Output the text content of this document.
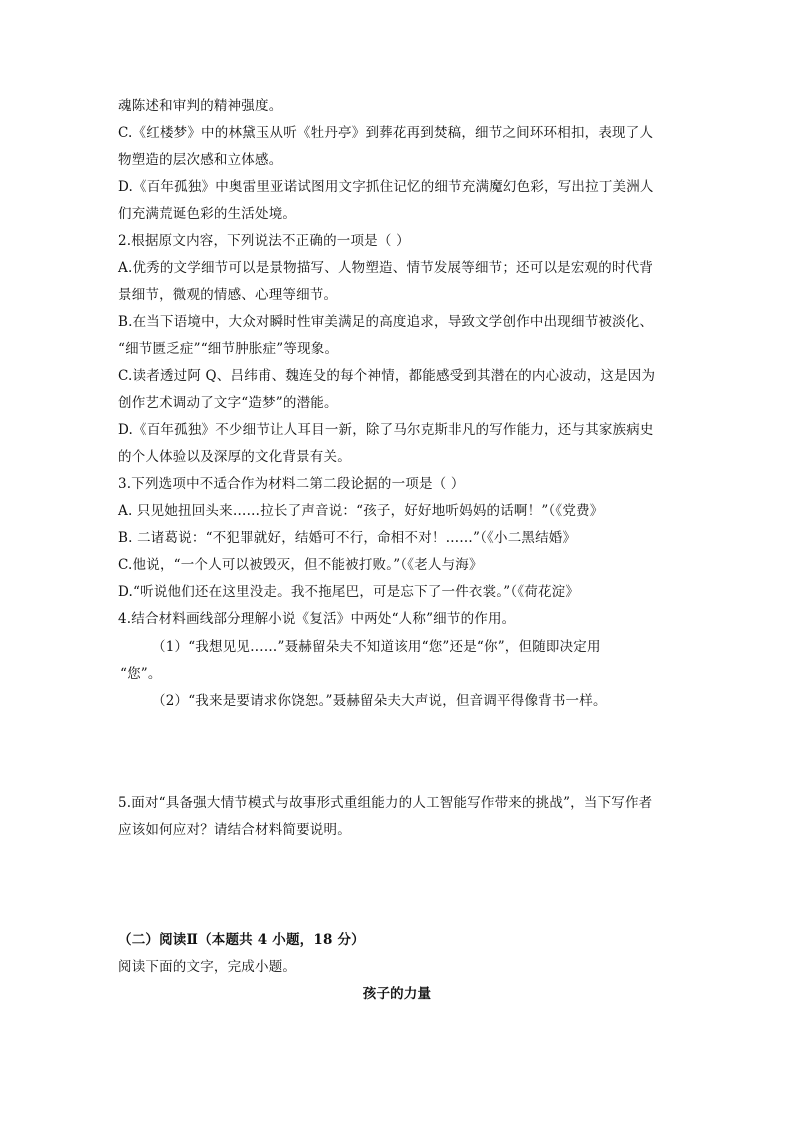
魂陈述和审判的精神强度。
C.《红楼梦》中的林黛玉从听《牡丹亭》到葬花再到焚稿，细节之间环环相扣，表现了人
物塑造的层次感和立体感。
D.《百年孤独》中奥雷里亚诺试图用文字抓住记忆的细节充满魔幻色彩，写出拉丁美洲人
们充满荒诞色彩的生活处境。
2.根据原文内容，下列说法不正确的一项是（ ）
A.优秀的文学细节可以是景物描写、人物塑造、情节发展等细节；还可以是宏观的时代背
景细节，微观的情感、心理等细节。
B.在当下语境中，大众对瞬时性审美满足的高度追求，导致文学创作中出现细节被淡化、
“细节匮乏症”“细节肿胀症”等现象。
C.读者透过阿 Q、吕纬甫、魏连殳的每个神情，都能感受到其潜在的内心波动，这是因为
创作艺术调动了文字“造梦”的潜能。
D.《百年孤独》不少细节让人耳目一新，除了马尔克斯非凡的写作能力，还与其家族病史
的个人体验以及深厚的文化背景有关。
3.下列选项中不适合作为材料二第二段论据的一项是（ ）
A. 只见她扭回头来……拉长了声音说：“孩子，好好地听妈妈的话啊！”（《党费》
B. 二诸葛说：“不犯罪就好，结婚可不行，命相不对！……”（《小二黑结婚》
C.他说，“一个人可以被毁灭，但不能被打败。”（《老人与海》
D.“听说他们还在这里没走。我不拖尾巴，可是忘下了一件衣裳。”（《荷花淀》
4.结合材料画线部分理解小说《复活》中两处“人称”细节的作用。
（1）“我想见见……”聂赫留朵夫不知道该用“您”还是“你”，但随即决定用
“您”。
（2）“我来是要请求你饶恕。”聂赫留朵夫大声说，但音调平得像背书一样。
5.面对“具备强大情节模式与故事形式重组能力的人工智能写作带来的挑战”，当下写作者
应该如何应对？请结合材料简要说明。
（二）阅读Ⅱ（本题共 4 小题，18 分）
阅读下面的文字，完成小题。
孩子的力量
